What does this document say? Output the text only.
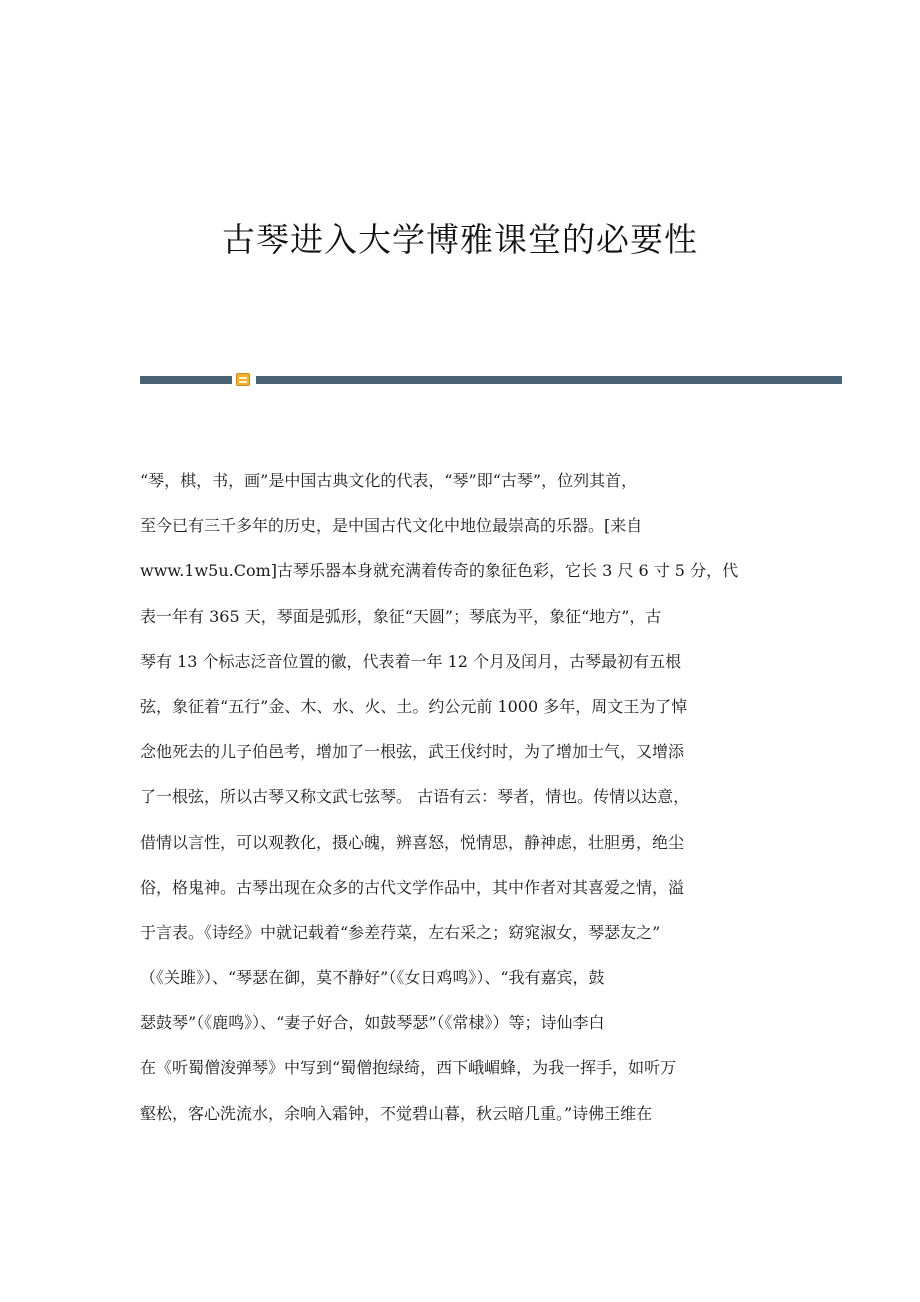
古琴进入大学博雅课堂的必要性
“琴，棋，书，画”是中国古典文化的代表，“琴”即“古琴”，位列其首，
至今已有三千多年的历史，是中国古代文化中地位最崇高的乐器。[来自
www.1w5u.Com]古琴乐器本身就充满着传奇的象征色彩，它长 3 尺 6 寸 5 分，代
表一年有 365 天，琴面是弧形，象征“天圆”；琴底为平，象征“地方”，古
琴有 13 个标志泛音位置的徽，代表着一年 12 个月及闰月，古琴最初有五根
弦，象征着“五行”金、木、水、火、土。约公元前 1000 多年，周文王为了悼
念他死去的儿子伯邑考，增加了一根弦，武王伐纣时，为了增加士气，又增添
了一根弦，所以古琴又称文武七弦琴。 古语有云：琴者，情也。传情以达意，
借情以言性，可以观教化，摄心魄，辨喜怒，悦情思，静神虑，壮胆勇，绝尘
俗，格鬼神。古琴出现在众多的古代文学作品中，其中作者对其喜爱之情，溢
于言表。《诗经》中就记载着“参差荇菜，左右采之；窈窕淑女，琴瑟友之”
（《关雎》）、“琴瑟在御，莫不静好”（《女日鸡鸣》）、“我有嘉宾，鼓
瑟鼓琴”（《鹿鸣》）、“妻子好合，如鼓琴瑟”（《常棣》）等；诗仙李白
在《听蜀僧浚弹琴》中写到“蜀僧抱绿绮，西下峨嵋蜂，为我一挥手，如听万
壑松，客心洗流水，余响入霜钟，不觉碧山暮，秋云暗几重。”诗佛王维在
